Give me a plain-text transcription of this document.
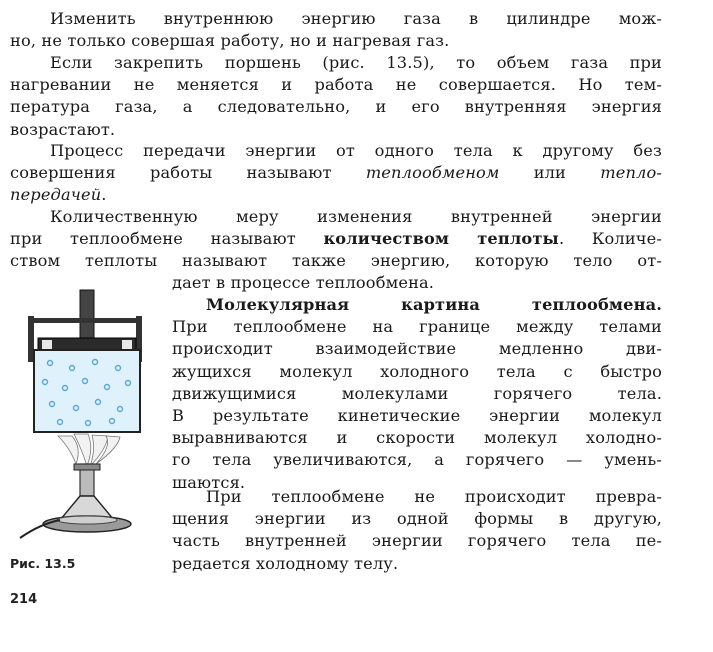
Изменить внутреннюю энергию газа в цилиндре мож-
но, не только совершая работу, но и нагревая газ.
Если закрепить поршень (рис. 13.5), то объем газа при
нагревании не меняется и работа не совершается. Но тем-
пература газа, а следовательно, и его внутренняя энергия
возрастают.
Процесс передачи энергии от одного тела к другому без
совершения работы называют теплообменом или тепло-
передачей.
Количественную меру изменения внутренней энергии
при теплообмене называют количеством теплоты. Количе-
ством теплоты называют также энергию, которую тело от-
дает в процессе теплообмена.
Молекулярная картина теплообмена.
При теплообмене на границе между телами
происходит взаимодействие медленно дви-
жущихся молекул холодного тела с быстро
движущимися молекулами горячего тела.
В результате кинетические энергии молекул
выравниваются и скорости молекул холодно-
го тела увеличиваются, а горячего — умень-
шаются.
При теплообмене не происходит превра-
щения энергии из одной формы в другую,
часть внутренней энергии горячего тела пе-
редается холодному телу.
Рис. 13.5
214
